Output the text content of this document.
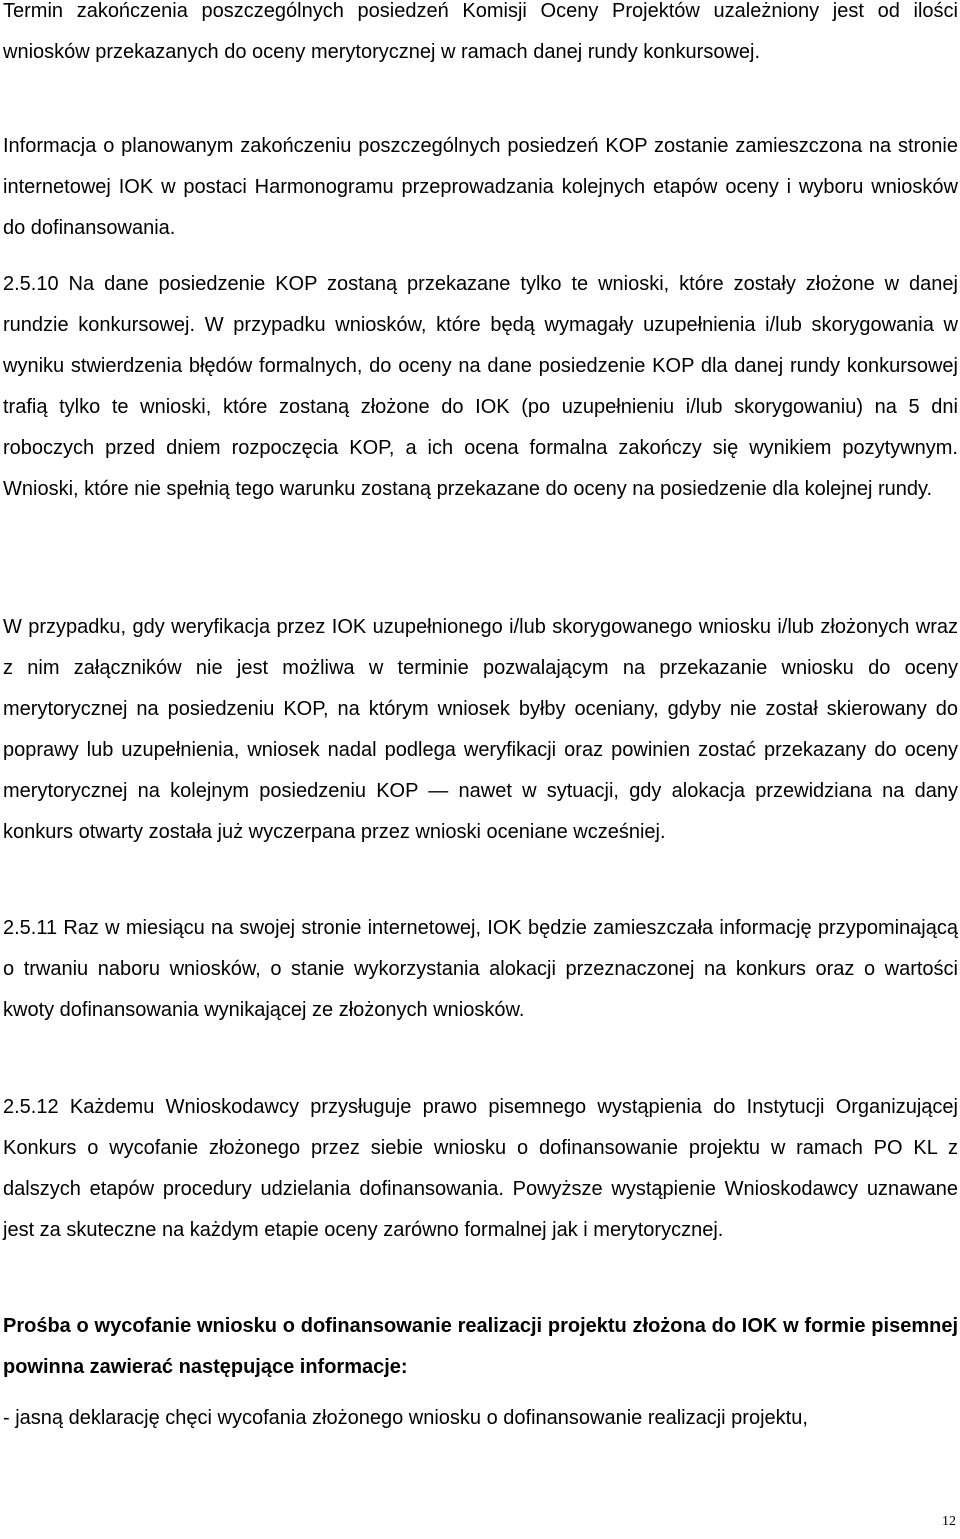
Termin zakończenia poszczególnych posiedzeń Komisji Oceny Projektów uzależniony jest od ilości wniosków przekazanych do oceny merytorycznej w ramach danej rundy konkursowej.

Informacja o planowanym zakończeniu poszczególnych posiedzeń KOP zostanie zamieszczona na stronie internetowej IOK w postaci Harmonogramu przeprowadzania kolejnych etapów oceny i wyboru wniosków do dofinansowania.

2.5.10 Na dane posiedzenie KOP zostaną przekazane tylko te wnioski, które zostały złożone w danej rundzie konkursowej. W przypadku wniosków, które będą wymagały uzupełnienia i/lub skorygowania w wyniku stwierdzenia błędów formalnych, do oceny na dane posiedzenie KOP dla danej rundy konkursowej trafią tylko te wnioski, które zostaną złożone do IOK (po uzupełnieniu i/lub skorygowaniu) na 5 dni roboczych przed dniem rozpoczęcia KOP, a ich ocena formalna zakończy się wynikiem pozytywnym. Wnioski, które nie spełnią tego warunku zostaną przekazane do oceny na posiedzenie dla kolejnej rundy.

W przypadku, gdy weryfikacja przez IOK uzupełnionego i/lub skorygowanego wniosku i/lub złożonych wraz z nim załączników nie jest możliwa w terminie pozwalającym na przekazanie wniosku do oceny merytorycznej na posiedzeniu KOP, na którym wniosek byłby oceniany, gdyby nie został skierowany do poprawy lub uzupełnienia, wniosek nadal podlega weryfikacji oraz powinien zostać przekazany do oceny merytorycznej na kolejnym posiedzeniu KOP — nawet w sytuacji, gdy alokacja przewidziana na dany konkurs otwarty została już wyczerpana przez wnioski oceniane wcześniej.

2.5.11 Raz w miesiącu na swojej stronie internetowej, IOK będzie zamieszczała informację przypominającą o trwaniu naboru wniosków, o stanie wykorzystania alokacji przeznaczonej na konkurs oraz o wartości kwoty dofinansowania wynikającej ze złożonych wniosków.

2.5.12 Każdemu Wnioskodawcy przysługuje prawo pisemnego wystąpienia do Instytucji Organizującej Konkurs o wycofanie złożonego przez siebie wniosku o dofinansowanie projektu w ramach PO KL z dalszych etapów procedury udzielania dofinansowania. Powyższe wystąpienie Wnioskodawcy uznawane jest za skuteczne na każdym etapie oceny zarówno formalnej jak i merytorycznej.

Prośba o wycofanie wniosku o dofinansowanie realizacji projektu złożona do IOK w formie pisemnej powinna zawierać następujące informacje:

- jasną deklarację chęci wycofania złożonego wniosku o dofinansowanie realizacji projektu,

12
